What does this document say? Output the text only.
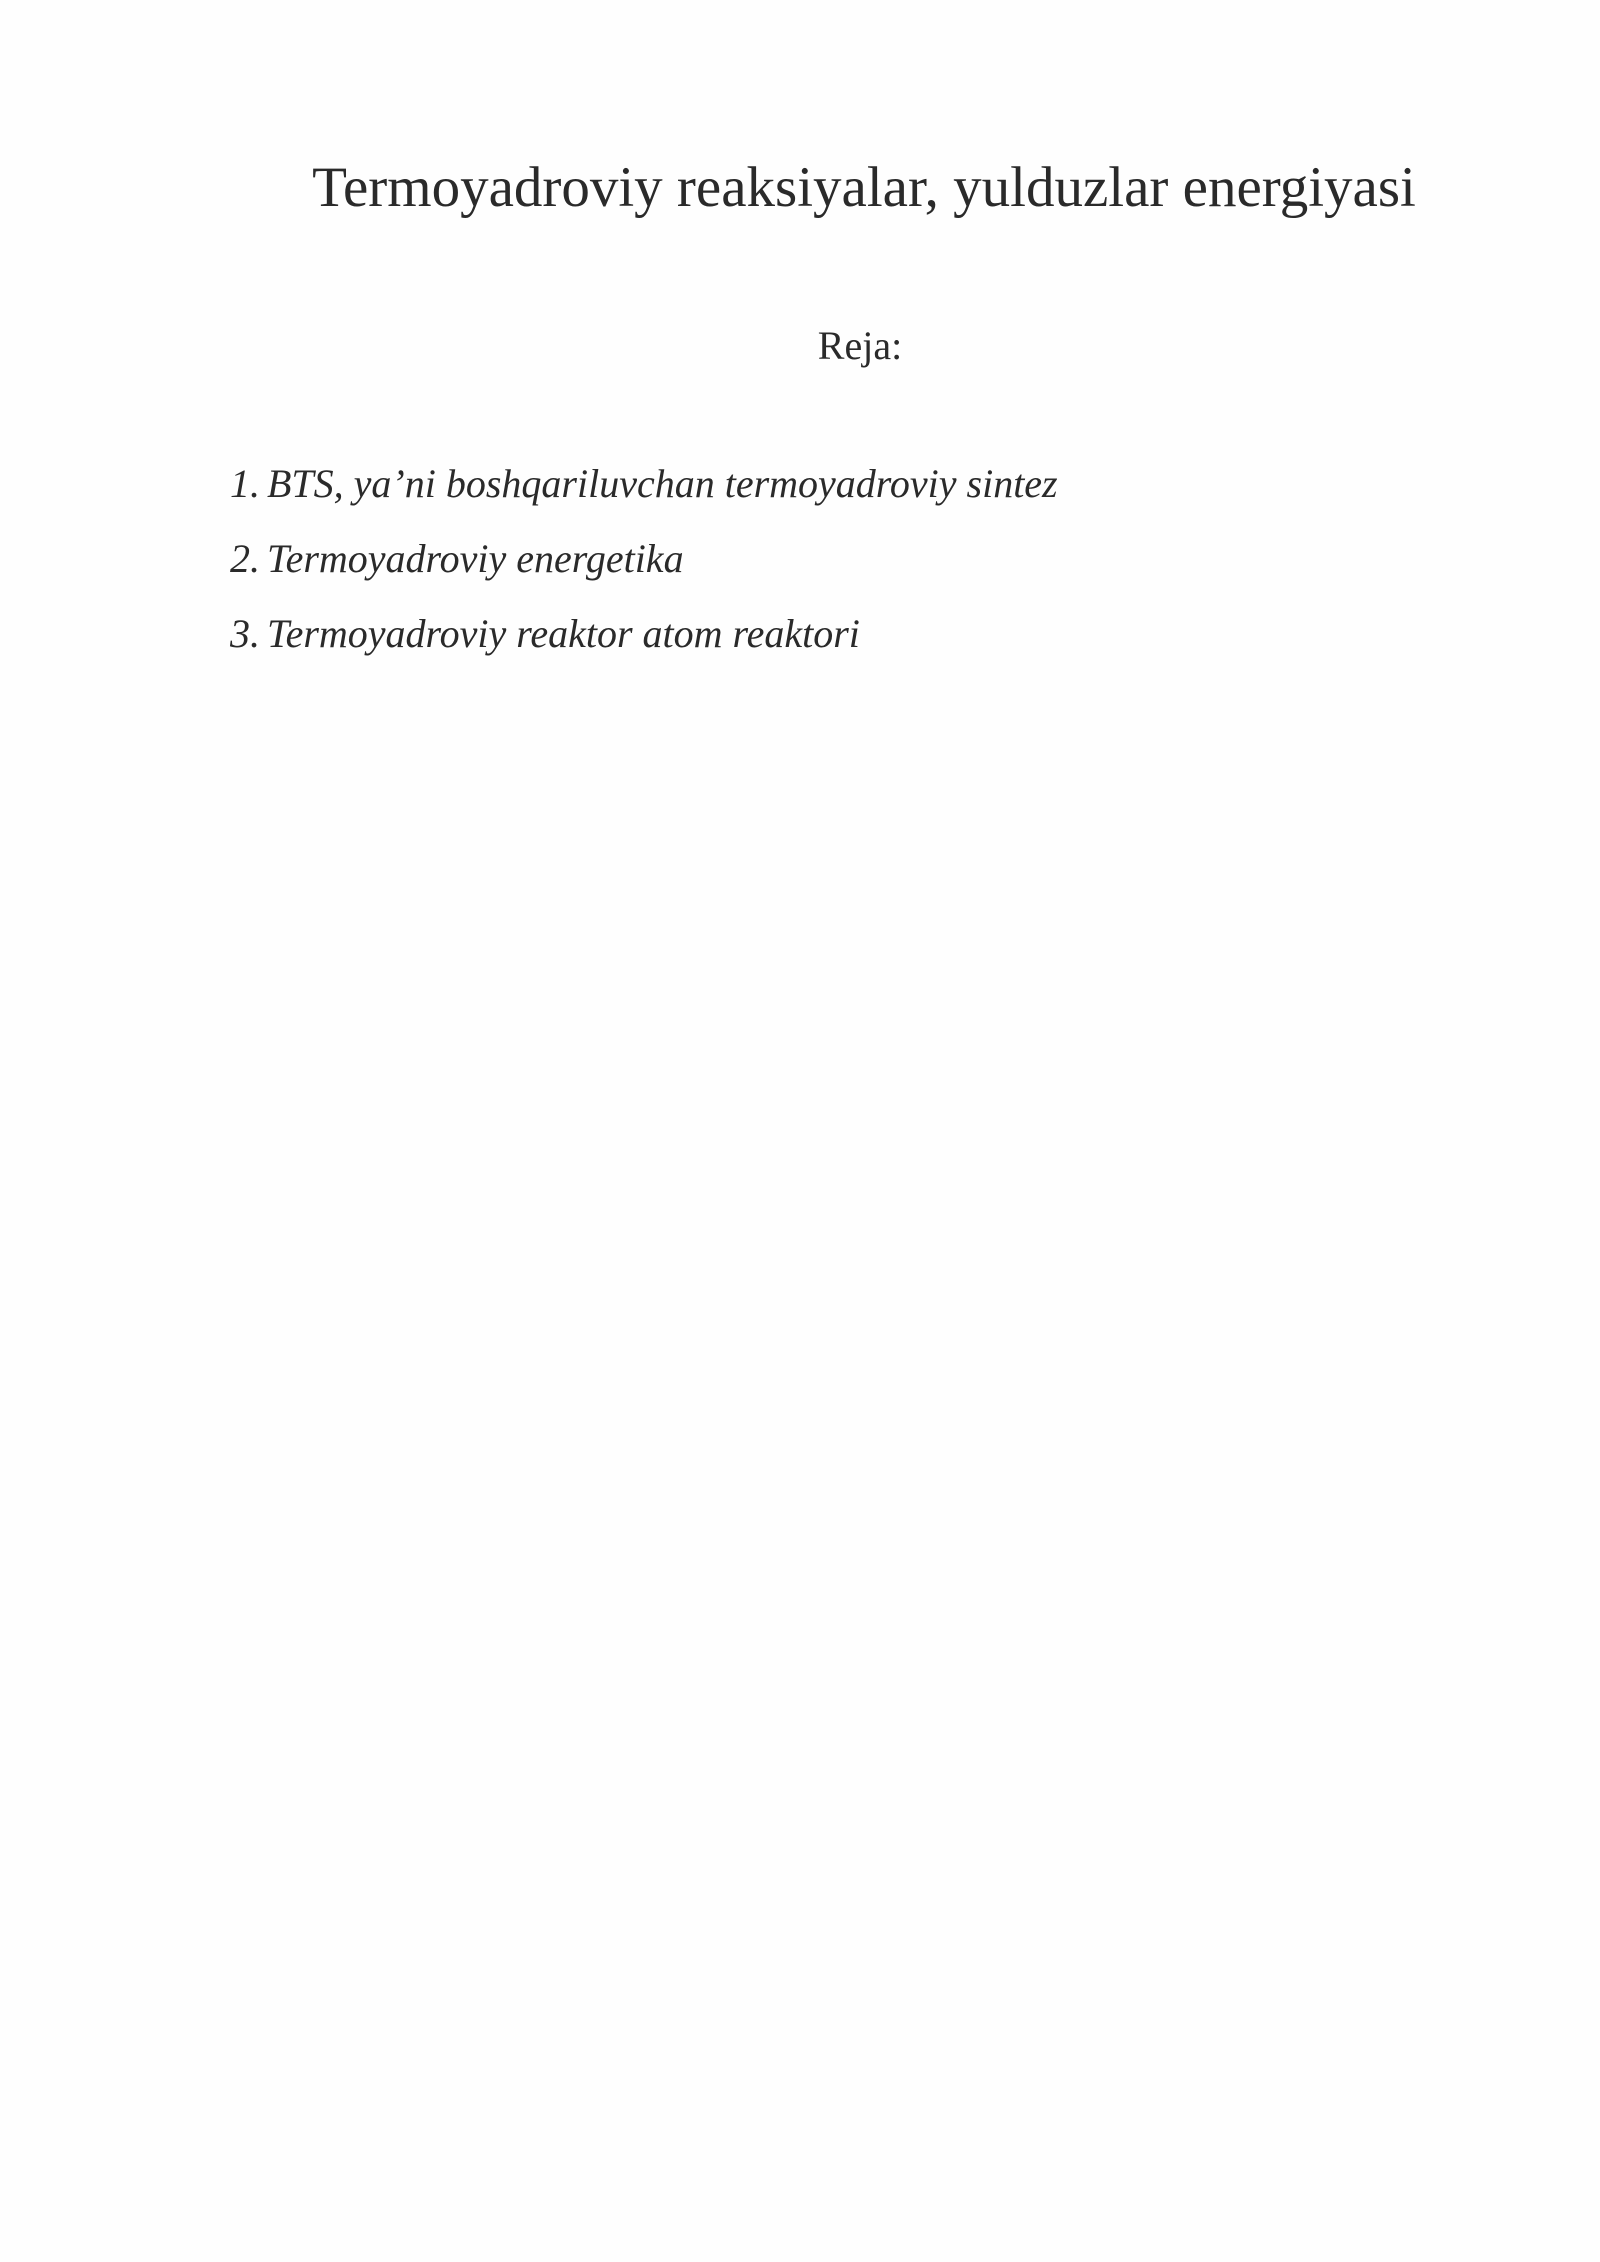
Termoyadroviy reaksiyalar, yulduzlar energiyasi
Reja:
1. BTS, ya’ni boshqariluvchan termoyadroviy sintez
2. Termoyadroviy energetika
3. Termoyadroviy reaktor atom reaktori
